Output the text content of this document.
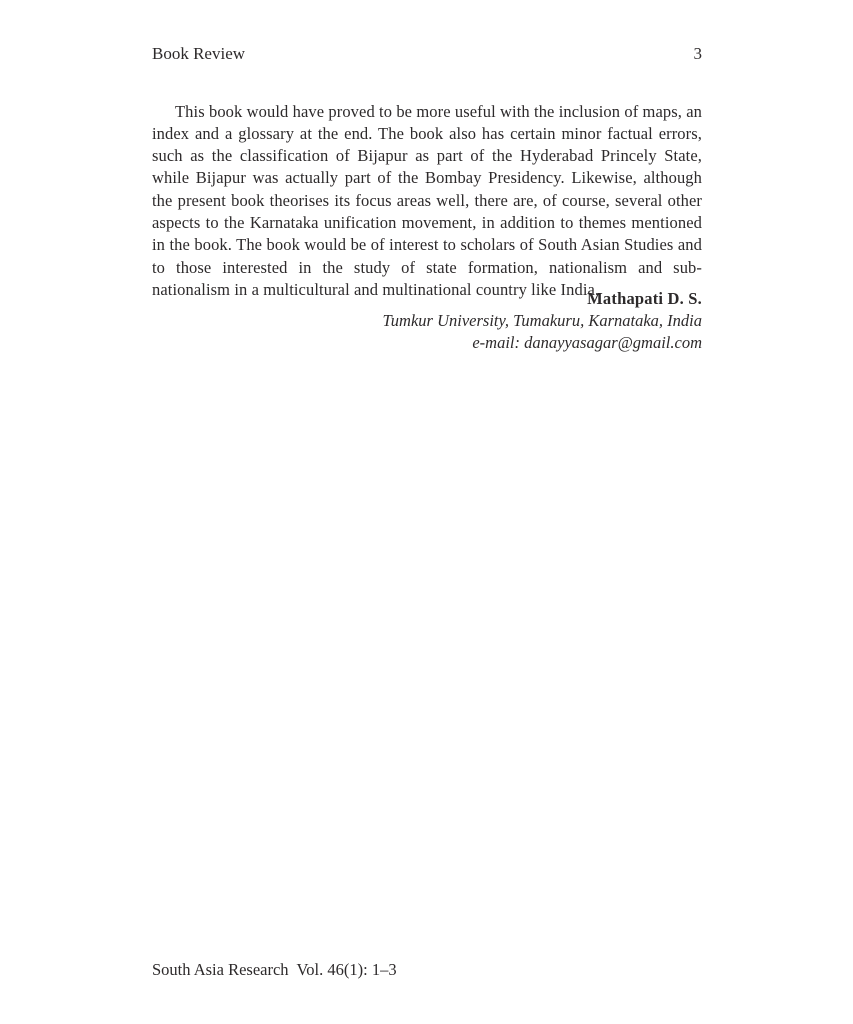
Book Review	3

This book would have proved to be more useful with the inclusion of maps, an index and a glossary at the end. The book also has certain minor factual errors, such as the classification of Bijapur as part of the Hyderabad Princely State, while Bijapur was actually part of the Bombay Presidency. Likewise, although the present book theorises its focus areas well, there are, of course, several other aspects to the Karnataka unification movement, in addition to themes mentioned in the book. The book would be of interest to scholars of South Asian Studies and to those interested in the study of state formation, nationalism and sub-nationalism in a multicultural and multinational country like India.

Mathapati D. S.
Tumkur University, Tumakuru, Karnataka, India
e-mail: danayyasagar@gmail.com
South Asia Research  Vol. 46(1): 1–3
